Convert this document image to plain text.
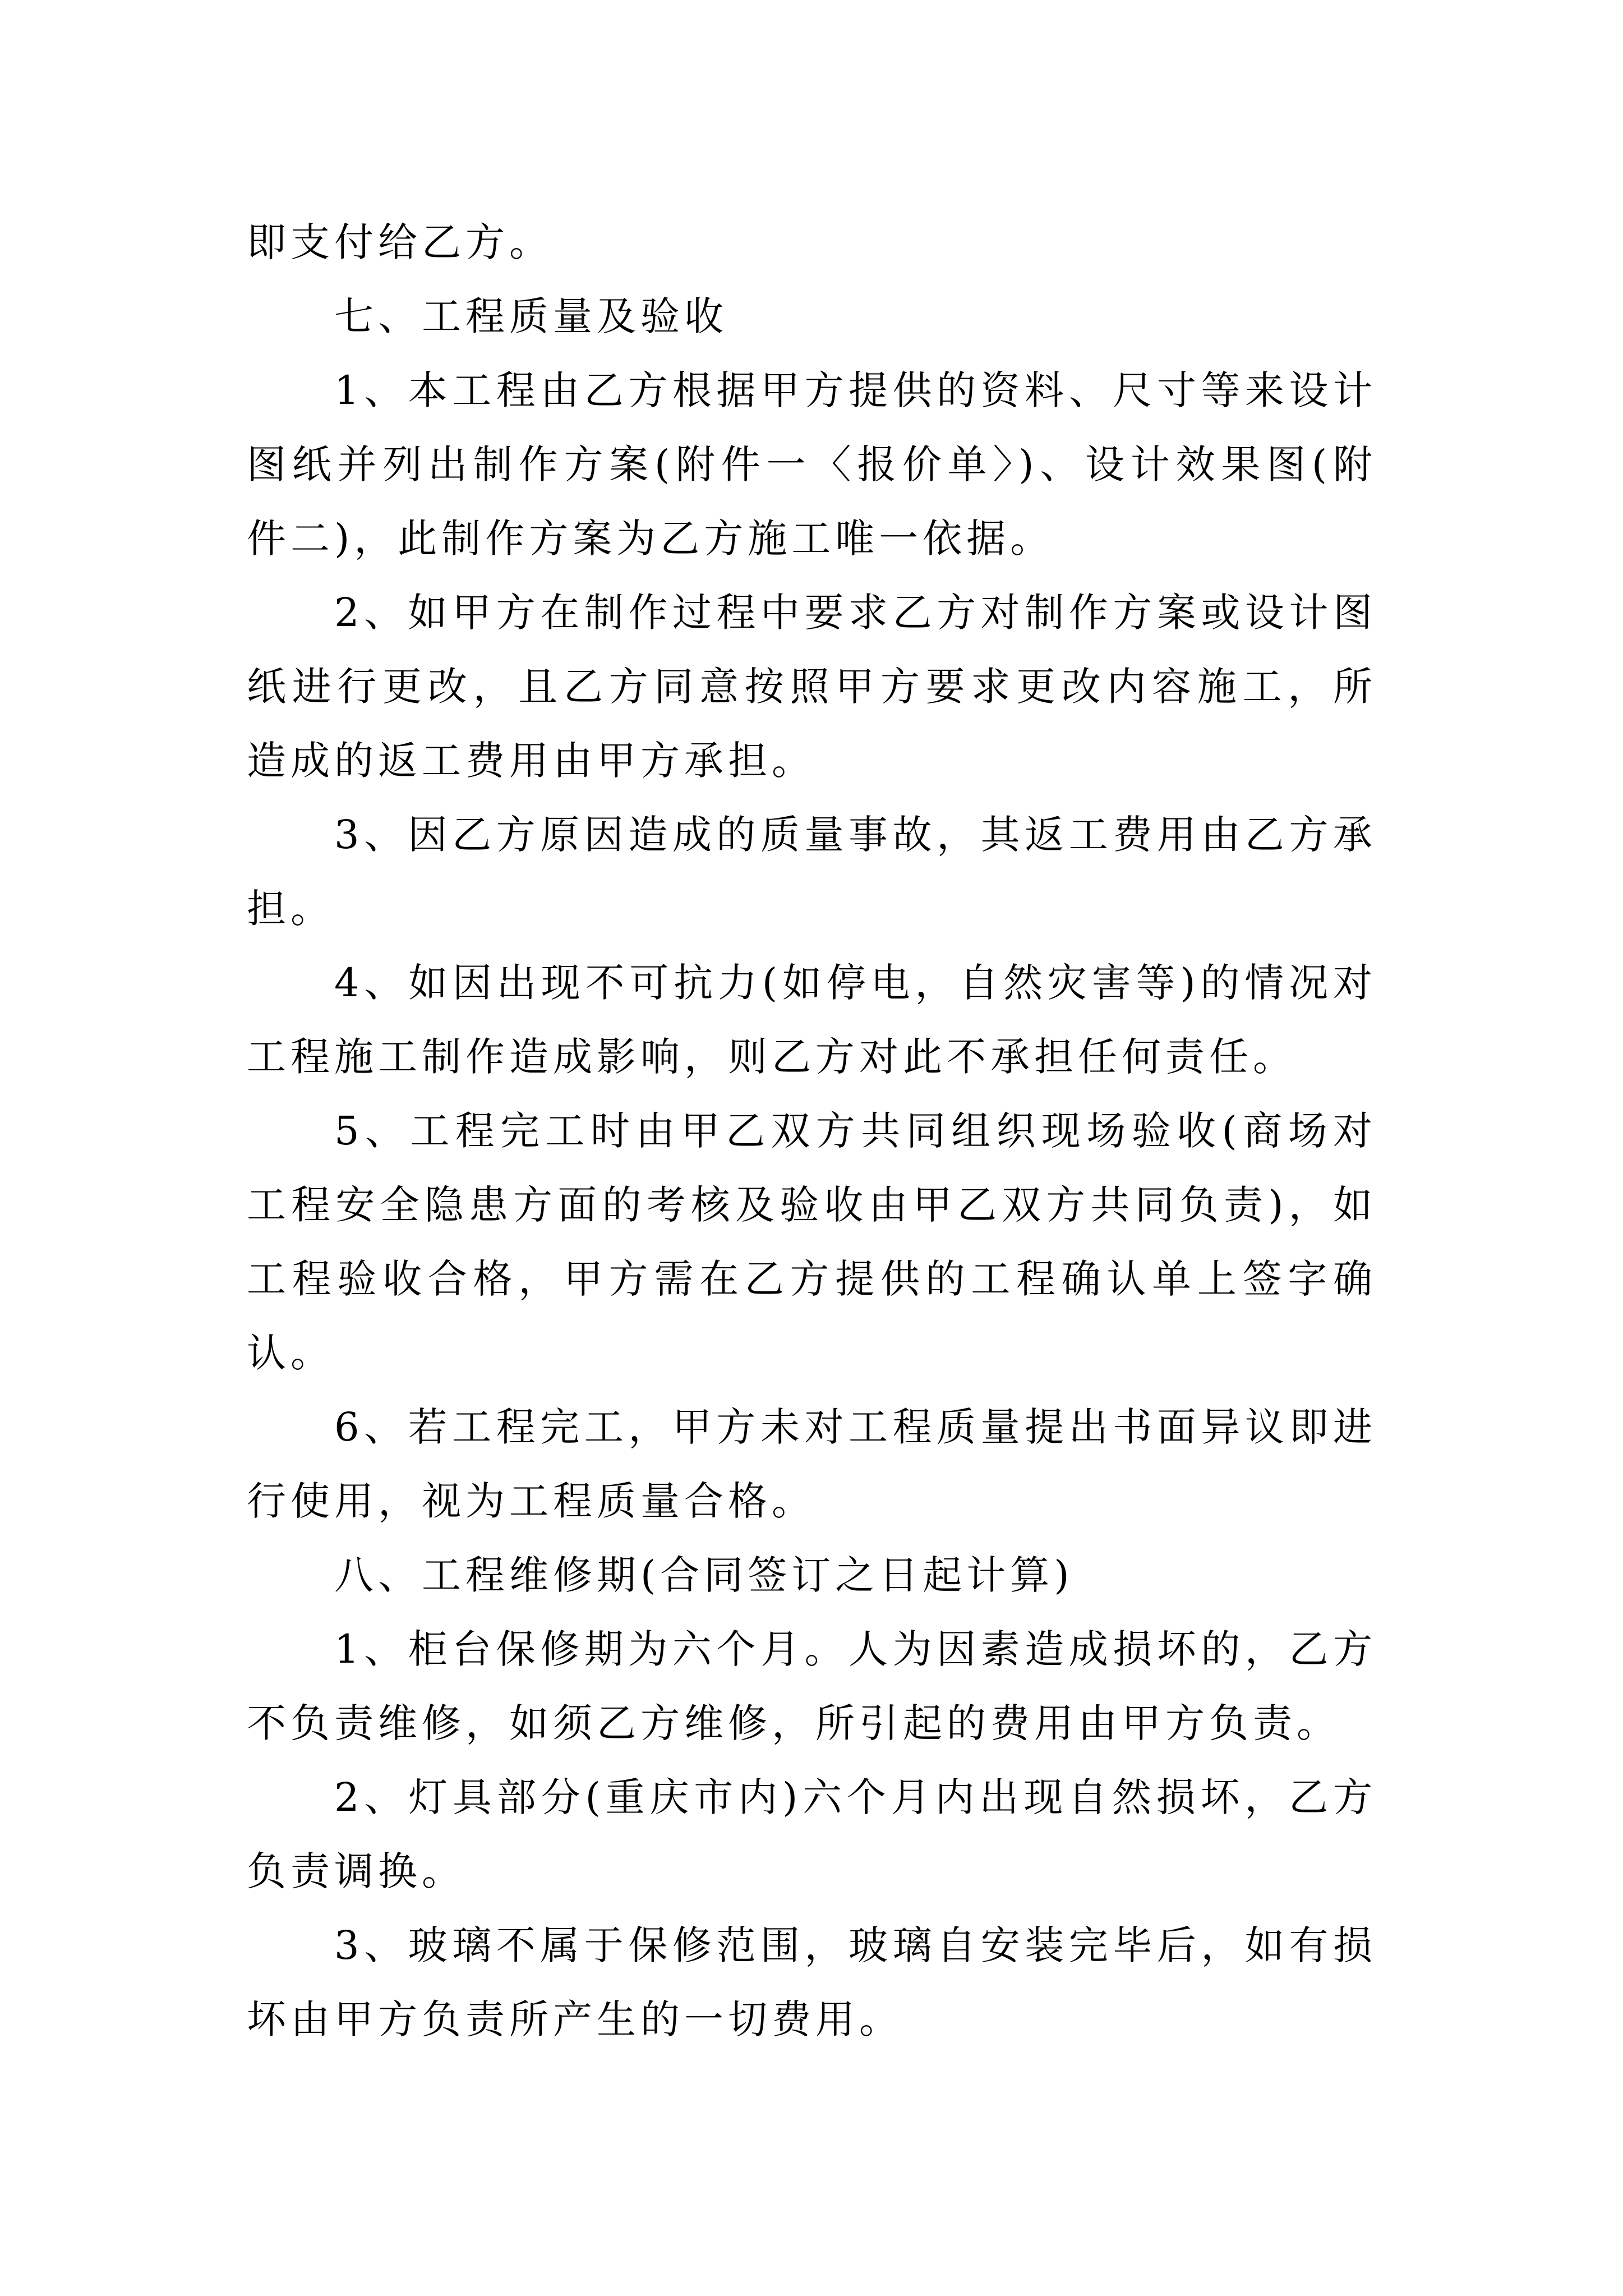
即支付给乙方。

七、工程质量及验收

1、本工程由乙方根据甲方提供的资料、尺寸等来设计图纸并列出制作方案(附件一〈报价单〉)、设计效果图(附件二)，此制作方案为乙方施工唯一依据。

2、如甲方在制作过程中要求乙方对制作方案或设计图纸进行更改，且乙方同意按照甲方要求更改内容施工，所造成的返工费用由甲方承担。

3、因乙方原因造成的质量事故，其返工费用由乙方承担。

4、如因出现不可抗力(如停电，自然灾害等)的情况对工程施工制作造成影响，则乙方对此不承担任何责任。

5、工程完工时由甲乙双方共同组织现场验收(商场对工程安全隐患方面的考核及验收由甲乙双方共同负责)，如工程验收合格，甲方需在乙方提供的工程确认单上签字确认。

6、若工程完工，甲方未对工程质量提出书面异议即进行使用，视为工程质量合格。

八、工程维修期(合同签订之日起计算)

1、柜台保修期为六个月。人为因素造成损坏的，乙方不负责维修，如须乙方维修，所引起的费用由甲方负责。

2、灯具部分(重庆市内)六个月内出现自然损坏，乙方负责调换。

3、玻璃不属于保修范围，玻璃自安装完毕后，如有损坏由甲方负责所产生的一切费用。
